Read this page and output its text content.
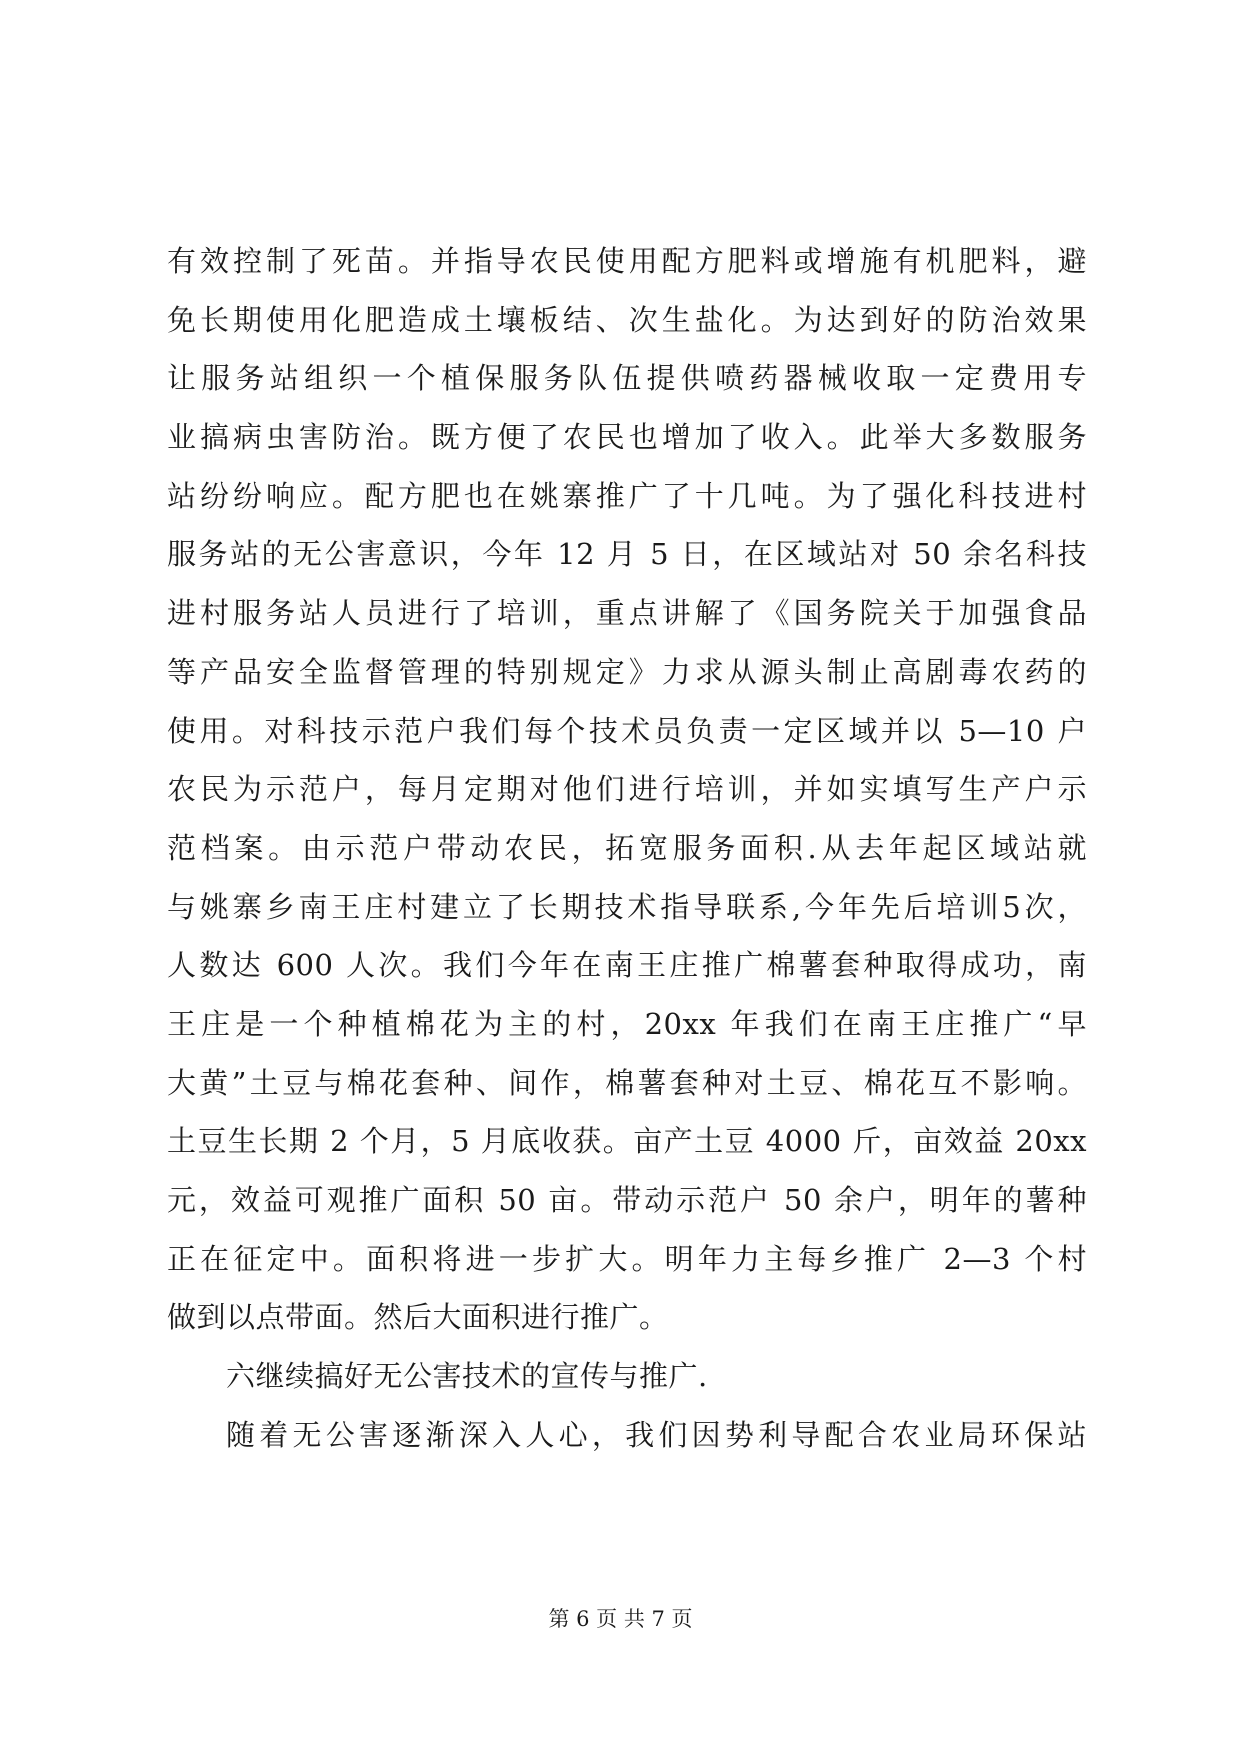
有效控制了死苗。并指导农民使用配方肥料或增施有机肥料，避
免长期使用化肥造成土壤板结、次生盐化。为达到好的防治效果
让服务站组织一个植保服务队伍提供喷药器械收取一定费用专
业搞病虫害防治。既方便了农民也增加了收入。此举大多数服务
站纷纷响应。配方肥也在姚寨推广了十几吨。为了强化科技进村
服务站的无公害意识，今年 12 月 5 日，在区域站对 50 余名科技
进村服务站人员进行了培训，重点讲解了《国务院关于加强食品
等产品安全监督管理的特别规定》力求从源头制止高剧毒农药的
使用。对科技示范户我们每个技术员负责一定区域并以 5—10 户
农民为示范户，每月定期对他们进行培训，并如实填写生产户示
范档案。由示范户带动农民，拓宽服务面积.从去年起区域站就
与姚寨乡南王庄村建立了长期技术指导联系,今年先后培训5次，
人数达 600 人次。我们今年在南王庄推广棉薯套种取得成功，南
王庄是一个种植棉花为主的村，20xx 年我们在南王庄推广“早
大黄”土豆与棉花套种、间作，棉薯套种对土豆、棉花互不影响。
土豆生长期 2 个月，5 月底收获。亩产土豆 4000 斤，亩效益 20xx
元，效益可观推广面积 50 亩。带动示范户 50 余户，明年的薯种
正在征定中。面积将进一步扩大。明年力主每乡推广 2—3 个村
做到以点带面。然后大面积进行推广。
六继续搞好无公害技术的宣传与推广.
随着无公害逐渐深入人心，我们因势利导配合农业局环保站
第 6 页 共 7 页
